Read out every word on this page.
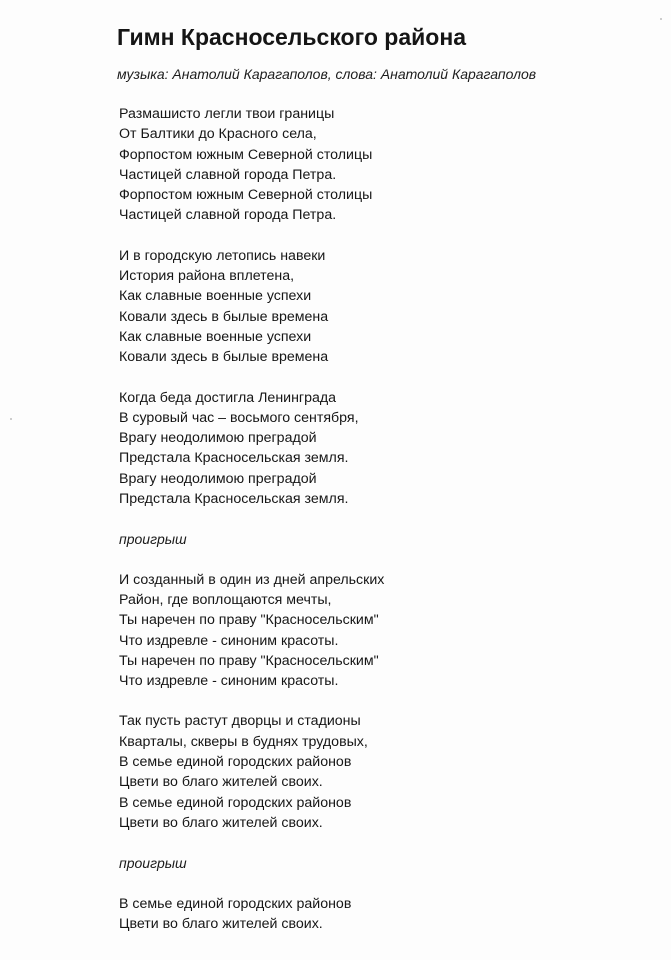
Гимн Красносельского района

музыка: Анатолий Карагаполов, слова: Анатолий Карагаполов

Размашисто легли твои границы
От Балтики до Красного села,
Форпостом южным Северной столицы
Частицей славной города Петра.
Форпостом южным Северной столицы
Частицей славной города Петра.
И в городскую летопись навеки
История района вплетена,
Как славные военные успехи
Ковали здесь в былые времена
Как славные военные успехи
Ковали здесь в былые времена
Когда беда достигла Ленинграда
В суровый час – восьмого сентября,
Врагу неодолимою преградой
Предстала Красносельская земля.
Врагу неодолимою преградой
Предстала Красносельская земля.
проигрыш
И созданный в один из дней апрельских
Район, где воплощаются мечты,
Ты наречен по праву "Красносельским"
Что издревле - синоним красоты.
Ты наречен по праву "Красносельским"
Что издревле - синоним красоты.
Так пусть растут дворцы и стадионы
Кварталы, скверы в буднях трудовых,
В семье единой городских районов
Цвети во благо жителей своих.
В семье единой городских районов
Цвети во благо жителей своих.
проигрыш
В семье единой городских районов
Цвети во благо жителей своих.
